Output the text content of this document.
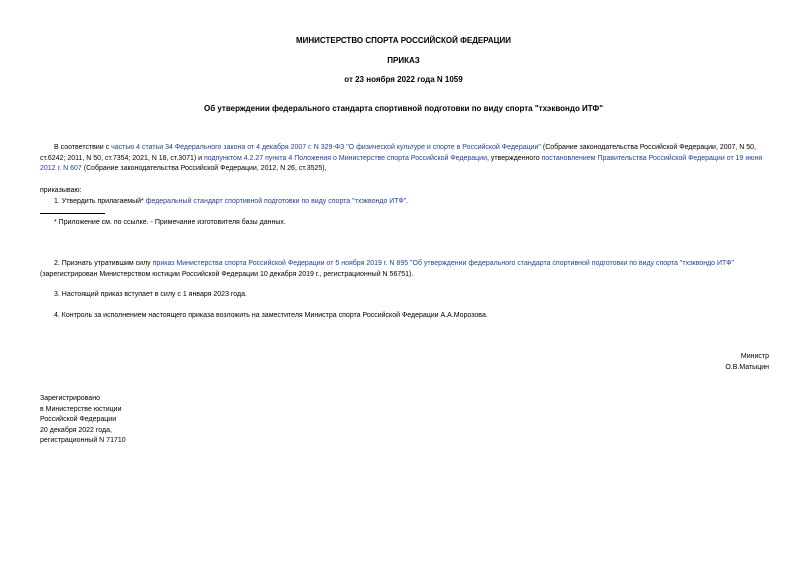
МИНИСТЕРСТВО СПОРТА РОССИЙСКОЙ ФЕДЕРАЦИИ

ПРИКАЗ

от 23 ноября 2022 года N 1059

Об утверждении федерального стандарта спортивной подготовки по виду спорта "тхэквондо ИТФ"

В соответствии с частью 4 статьи 34 Федерального закона от 4 декабря 2007 г. N 329-ФЗ "О физической культуре и спорте в Российской Федерации" (Собрание законодательства Российской Федерации, 2007, N 50, ст.6242; 2011, N 50, ст.7354; 2021, N 18, ст.3071) и подпунктом 4.2.27 пункта 4 Положения о Министерстве спорта Российской Федерации, утвержденного постановлением Правительства Российской Федерации от 19 июня 2012 г. N 607 (Собрание законодательства Российской Федерации, 2012, N 26, ст.3525),

приказываю:

1. Утвердить прилагаемый* федеральный стандарт спортивной подготовки по виду спорта "тхэквондо ИТФ".

* Приложение см. по ссылке. - Примечание изготовителя базы данных.

2. Признать утратившим силу приказ Министерства спорта Российской Федерации от 5 ноября 2019 г. N 895 "Об утверждении федерального стандарта спортивной подготовки по виду спорта "тхэквондо ИТФ" (зарегистрирован Министерством юстиции Российской Федерации 10 декабря 2019 г., регистрационный N 56751).

3. Настоящий приказ вступает в силу с 1 января 2023 года.

4. Контроль за исполнением настоящего приказа возложить на заместителя Министра спорта Российской Федерации А.А.Морозова.

Министр

О.В.Матыцин

Зарегистрировано
в Министерстве юстиции
Российской Федерации
20 декабря 2022 года,
регистрационный N 71710
